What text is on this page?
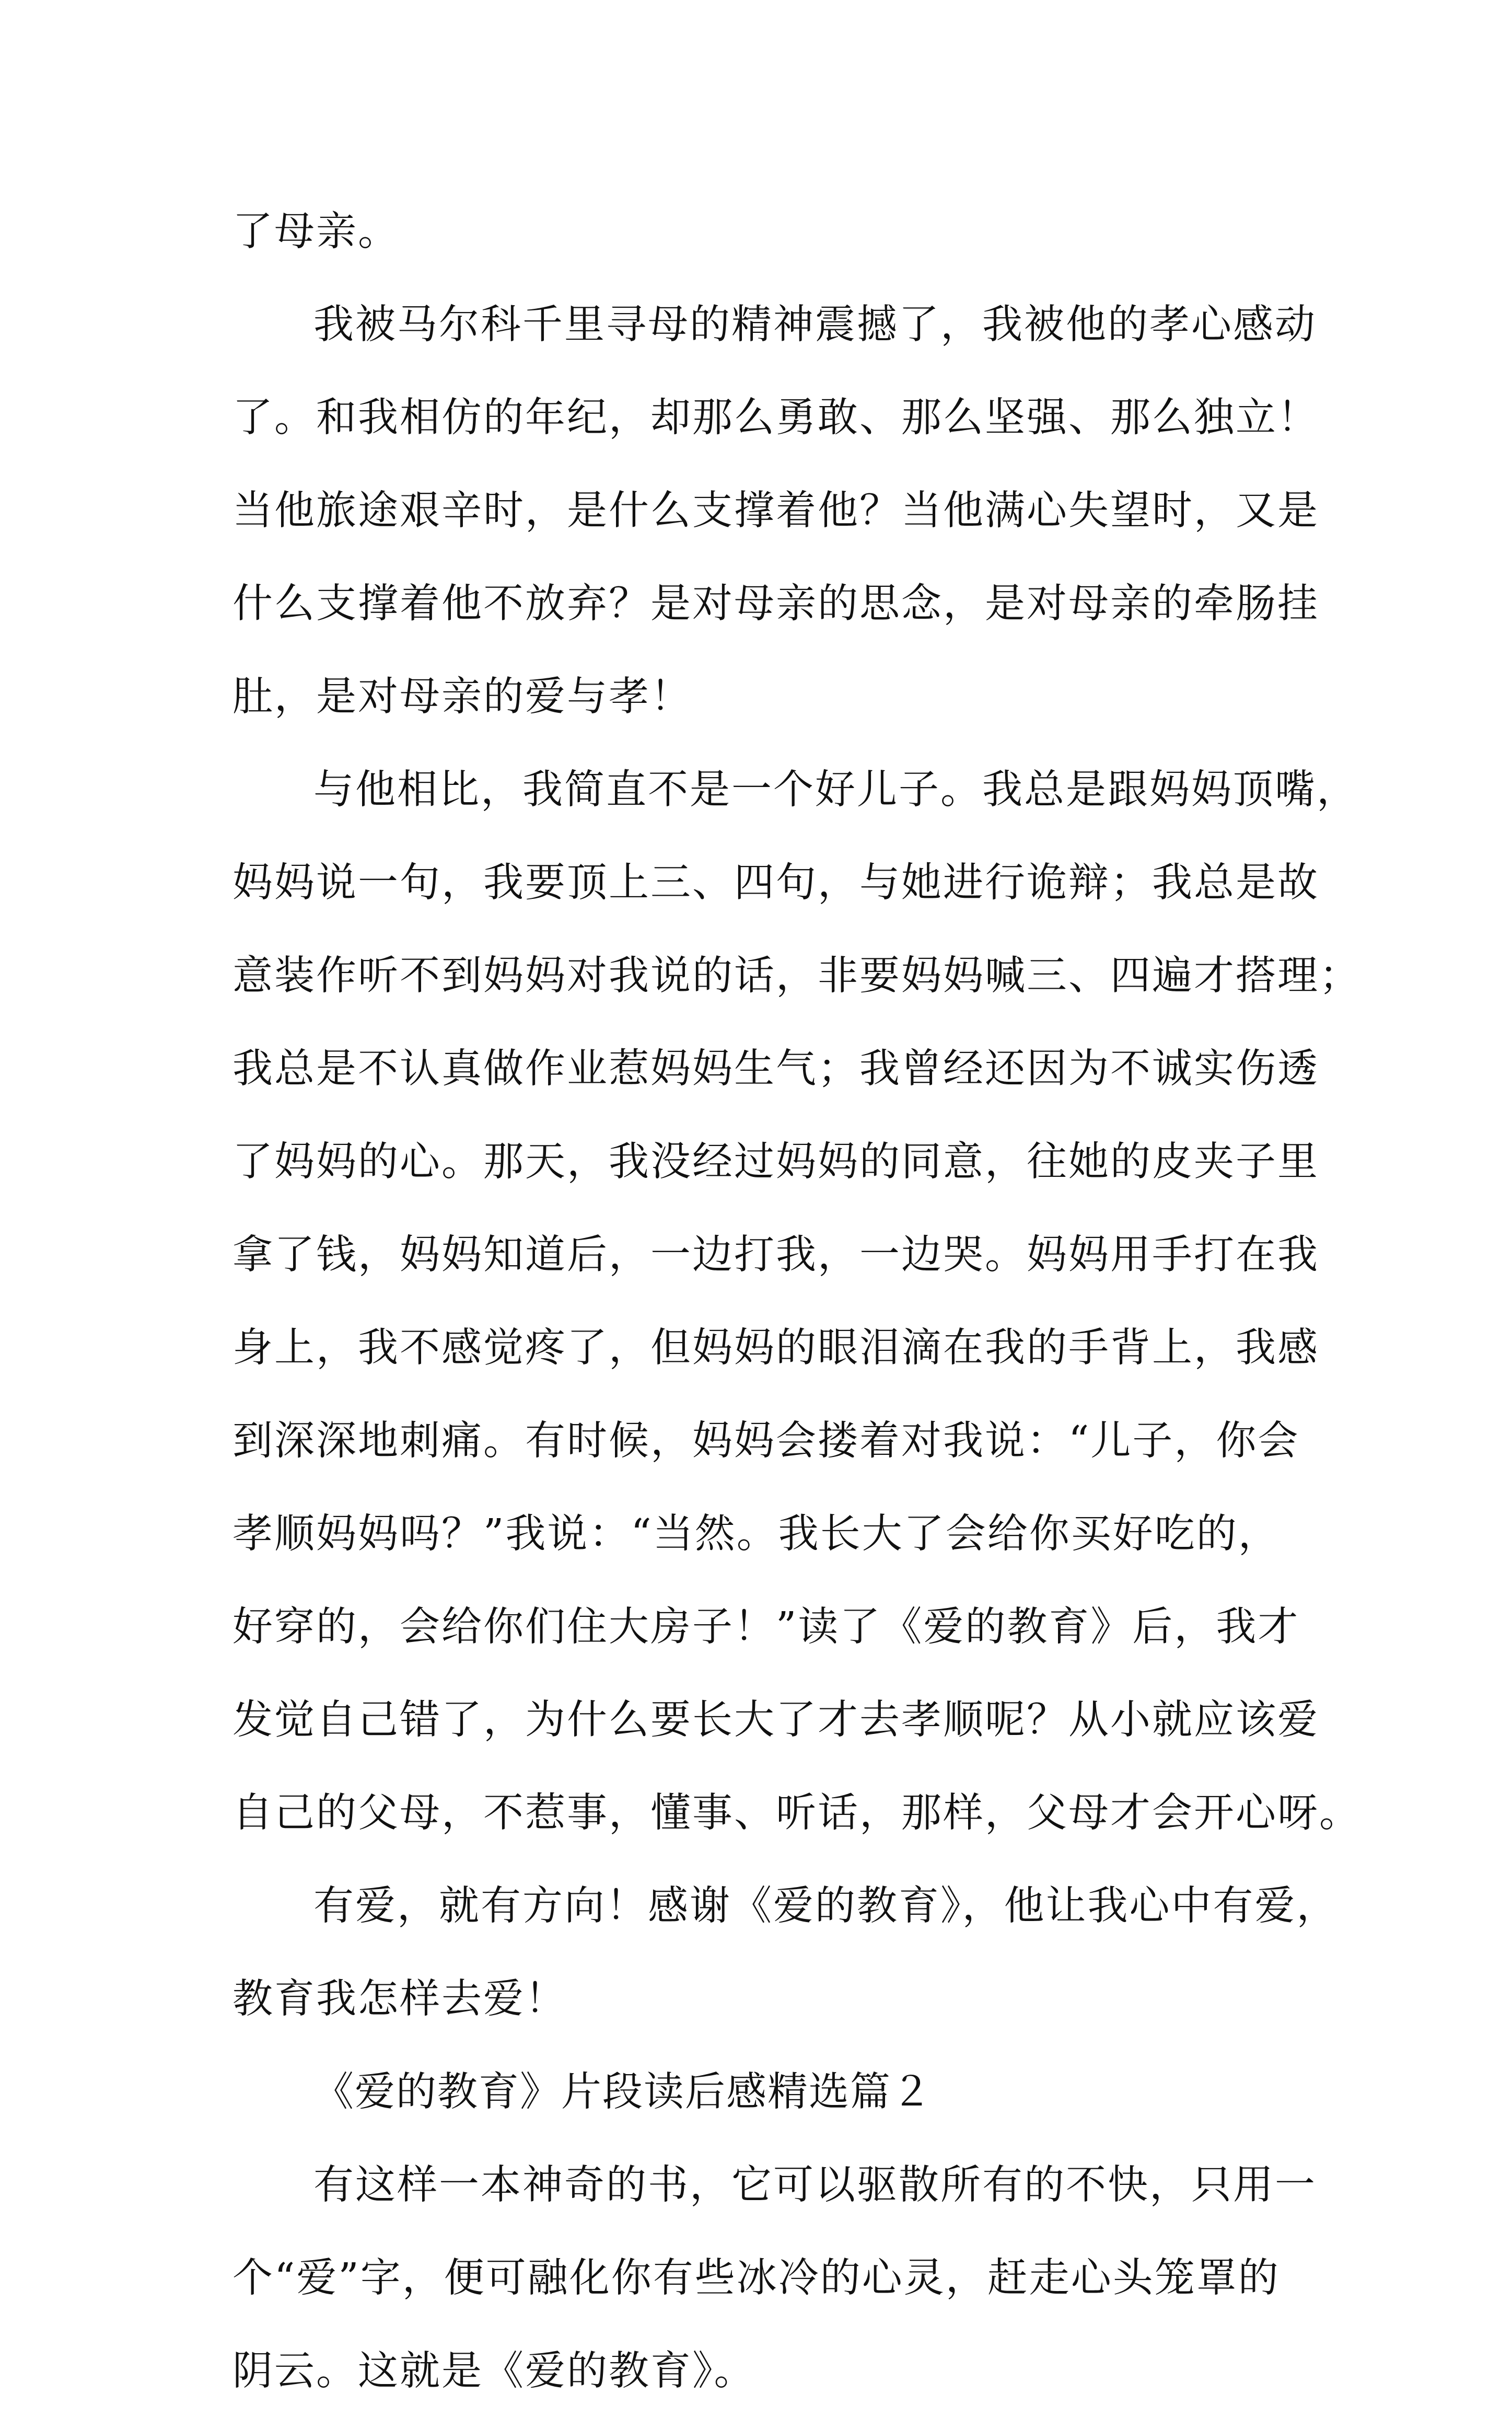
了母亲。
我被马尔科千里寻母的精神震撼了，我被他的孝心感动
了。和我相仿的年纪，却那么勇敢、那么坚强、那么独立！
当他旅途艰辛时，是什么支撑着他？当他满心失望时，又是
什么支撑着他不放弃？是对母亲的思念，是对母亲的牵肠挂
肚，是对母亲的爱与孝！
与他相比，我简直不是一个好儿子。我总是跟妈妈顶嘴，
妈妈说一句，我要顶上三、四句，与她进行诡辩；我总是故
意装作听不到妈妈对我说的话，非要妈妈喊三、四遍才搭理；
我总是不认真做作业惹妈妈生气；我曾经还因为不诚实伤透
了妈妈的心。那天，我没经过妈妈的同意，往她的皮夹子里
拿了钱，妈妈知道后，一边打我，一边哭。妈妈用手打在我
身上，我不感觉疼了，但妈妈的眼泪滴在我的手背上，我感
到深深地刺痛。有时候，妈妈会搂着对我说：“儿子，你会
孝顺妈妈吗？”我说：“当然。我长大了会给你买好吃的，
好穿的，会给你们住大房子！”读了《爱的教育》后，我才
发觉自己错了，为什么要长大了才去孝顺呢？从小就应该爱
自己的父母，不惹事，懂事、听话，那样，父母才会开心呀。
有爱，就有方向！感谢《爱的教育》，他让我心中有爱，
教育我怎样去爱！
《爱的教育》片段读后感精选篇２
有这样一本神奇的书，它可以驱散所有的不快，只用一
个“爱”字，便可融化你有些冰冷的心灵，赶走心头笼罩的
阴云。这就是《爱的教育》。
